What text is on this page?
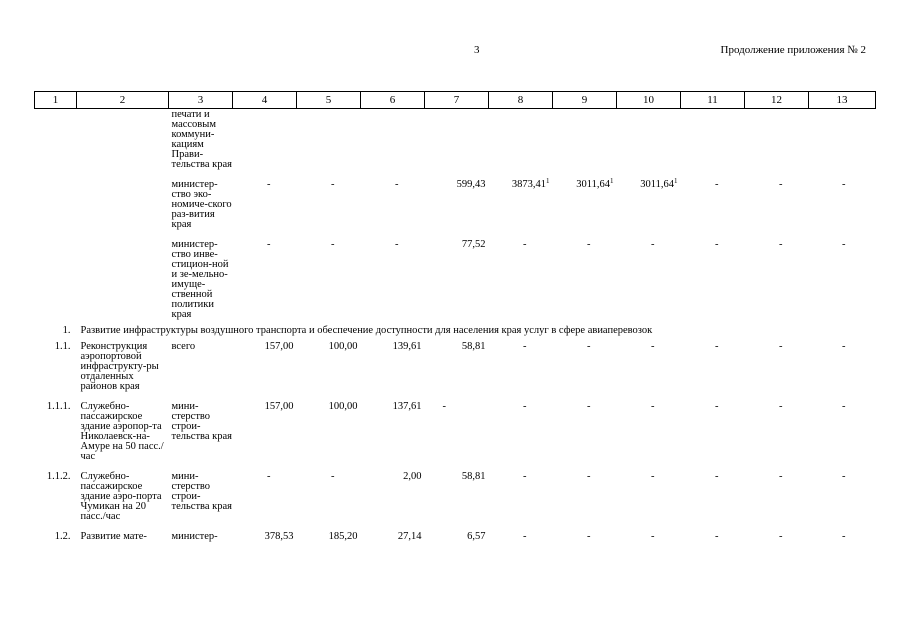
3	Продолжение приложения № 2
1	2	3	4	5	6	7	8	9	10	11	12	13
		печати и массовым коммуни-кациям Прави-тельства края										
		министер-ство эко-номиче-ского раз-вития края	-	-	-	599,43	3873,41$^1$	3011,64$^1$	3011,64$^1$	-	-	-
		министер-ство инве-стицион-ной и зе-мельно-имуще-ственной политики края	-	-	-	77,52	-	-	-	-	-	-
1.	Развитие инфраструктуры воздушного транспорта и обеспечение доступности для населения края услуг в сфере авиаперевозок											
1.1.	Реконструкция аэропортовой инфраструкту-ры отдаленных районов края	всего	157,00	100,00	139,61	58,81	-	-	-	-	-	-
1.1.1.	Служебно-пассажирское здание аэропор-та Николаевск-на-Амуре на 50 пасс./час	мини-стерство строи-тельства края	157,00	100,00	137,61	-	-	-	-	-	-	-
1.1.2.	Служебно-пассажирское здание аэро-порта Чумикан на 20 пасс./час	мини-стерство строи-тельства края	-	-	2,00	58,81	-	-	-	-	-	-
1.2.	Развитие мате-	министер-	378,53	185,20	27,14	6,57	-	-	-	-	-	-
